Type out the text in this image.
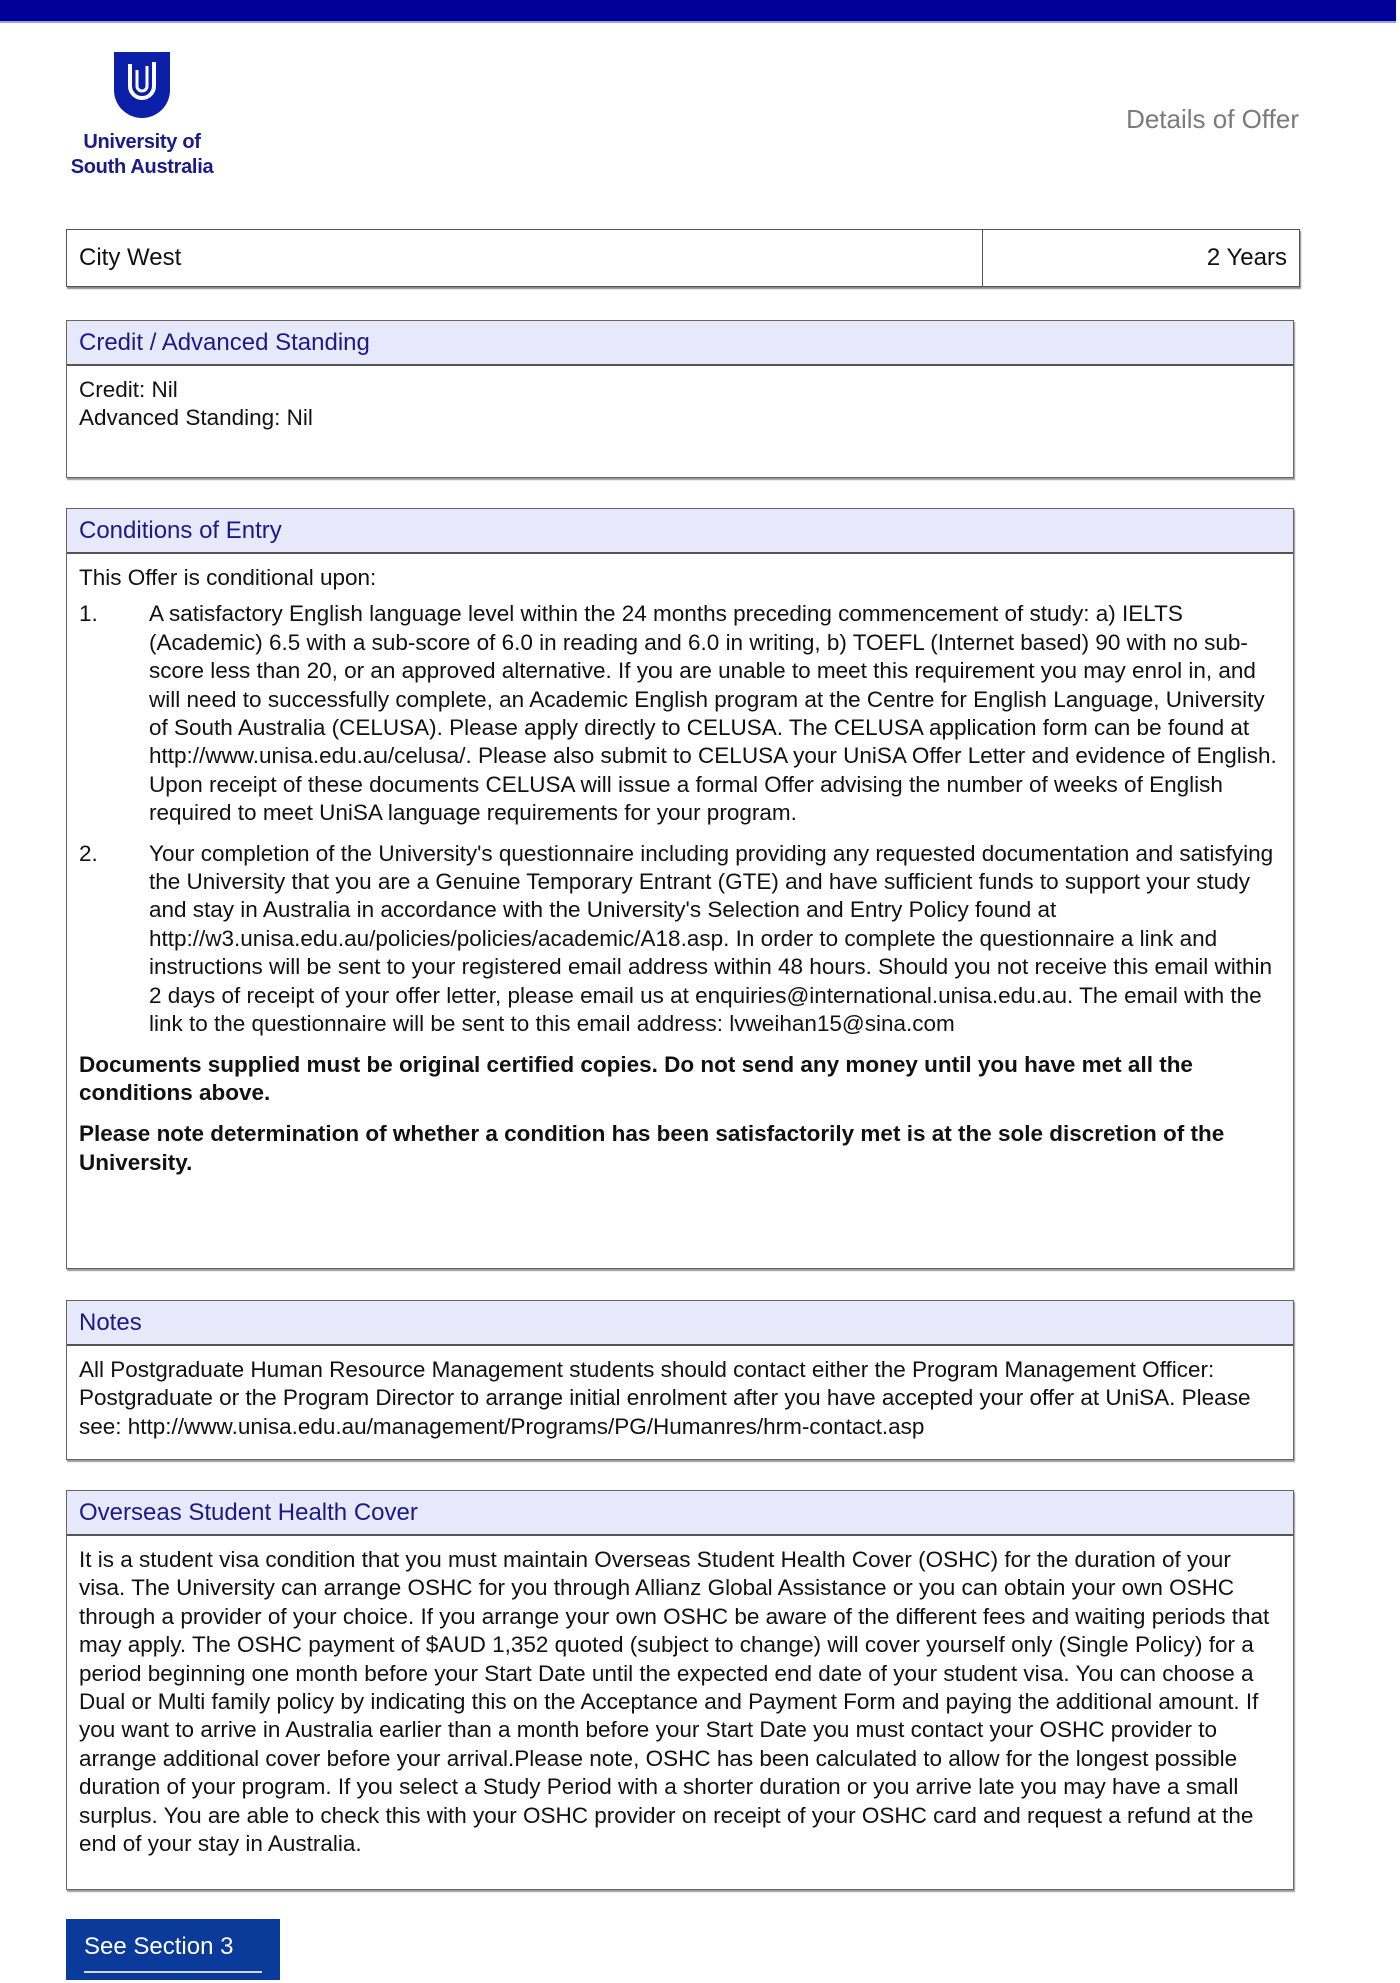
University of
South Australia
Details of Offer
City West	2 Years
Credit / Advanced Standing

Credit: Nil

Advanced Standing: Nil

Conditions of Entry

This Offer is conditional upon:

1.	A satisfactory English language level within the 24 months preceding commencement of study: a) IELTS (Academic) 6.5 with a sub-score of 6.0 in reading and 6.0 in writing, b) TOEFL (Internet based) 90 with no sub-score less than 20, or an approved alternative. If you are unable to meet this requirement you may enrol in, and will need to successfully complete, an Academic English program at the Centre for English Language, University of South Australia (CELUSA). Please apply directly to CELUSA. The CELUSA application form can be found at http://www.unisa.edu.au/celusa/. Please also submit to CELUSA your UniSA Offer Letter and evidence of English. Upon receipt of these documents CELUSA will issue a formal Offer advising the number of weeks of English required to meet UniSA language requirements for your program.
2.	Your completion of the University's questionnaire including providing any requested documentation and satisfying the University that you are a Genuine Temporary Entrant (GTE) and have sufficient funds to support your study and stay in Australia in accordance with the University's Selection and Entry Policy found at http://w3.unisa.edu.au/policies/policies/academic/A18.asp. In order to complete the questionnaire a link and instructions will be sent to your registered email address within 48 hours. Should you not receive this email within 2 days of receipt of your offer letter, please email us at enquiries@international.unisa.edu.au. The email with the link to the questionnaire will be sent to this email address: lvweihan15@sina.com

Documents supplied must be original certified copies. Do not send any money until you have met all the conditions above.

Please note determination of whether a condition has been satisfactorily met is at the sole discretion of the University.

Notes

All Postgraduate Human Resource Management students should contact either the Program Management Officer: Postgraduate or the Program Director to arrange initial enrolment after you have accepted your offer at UniSA. Please see: http://www.unisa.edu.au/management/Programs/PG/Humanres/hrm-contact.asp

Overseas Student Health Cover

It is a student visa condition that you must maintain Overseas Student Health Cover (OSHC) for the duration of your visa. The University can arrange OSHC for you through Allianz Global Assistance or you can obtain your own OSHC through a provider of your choice. If you arrange your own OSHC be aware of the different fees and waiting periods that may apply. The OSHC payment of $AUD 1,352 quoted (subject to change) will cover yourself only (Single Policy) for a period beginning one month before your Start Date until the expected end date of your student visa. You can choose a Dual or Multi family policy by indicating this on the Acceptance and Payment Form and paying the additional amount. If you want to arrive in Australia earlier than a month before your Start Date you must contact your OSHC provider to arrange additional cover before your arrival.Please note, OSHC has been calculated to allow for the longest possible duration of your program. If you select a Study Period with a shorter duration or you arrive late you may have a small surplus. You are able to check this with your OSHC provider on receipt of your OSHC card and request a refund at the end of your stay in Australia.

See Section 3
